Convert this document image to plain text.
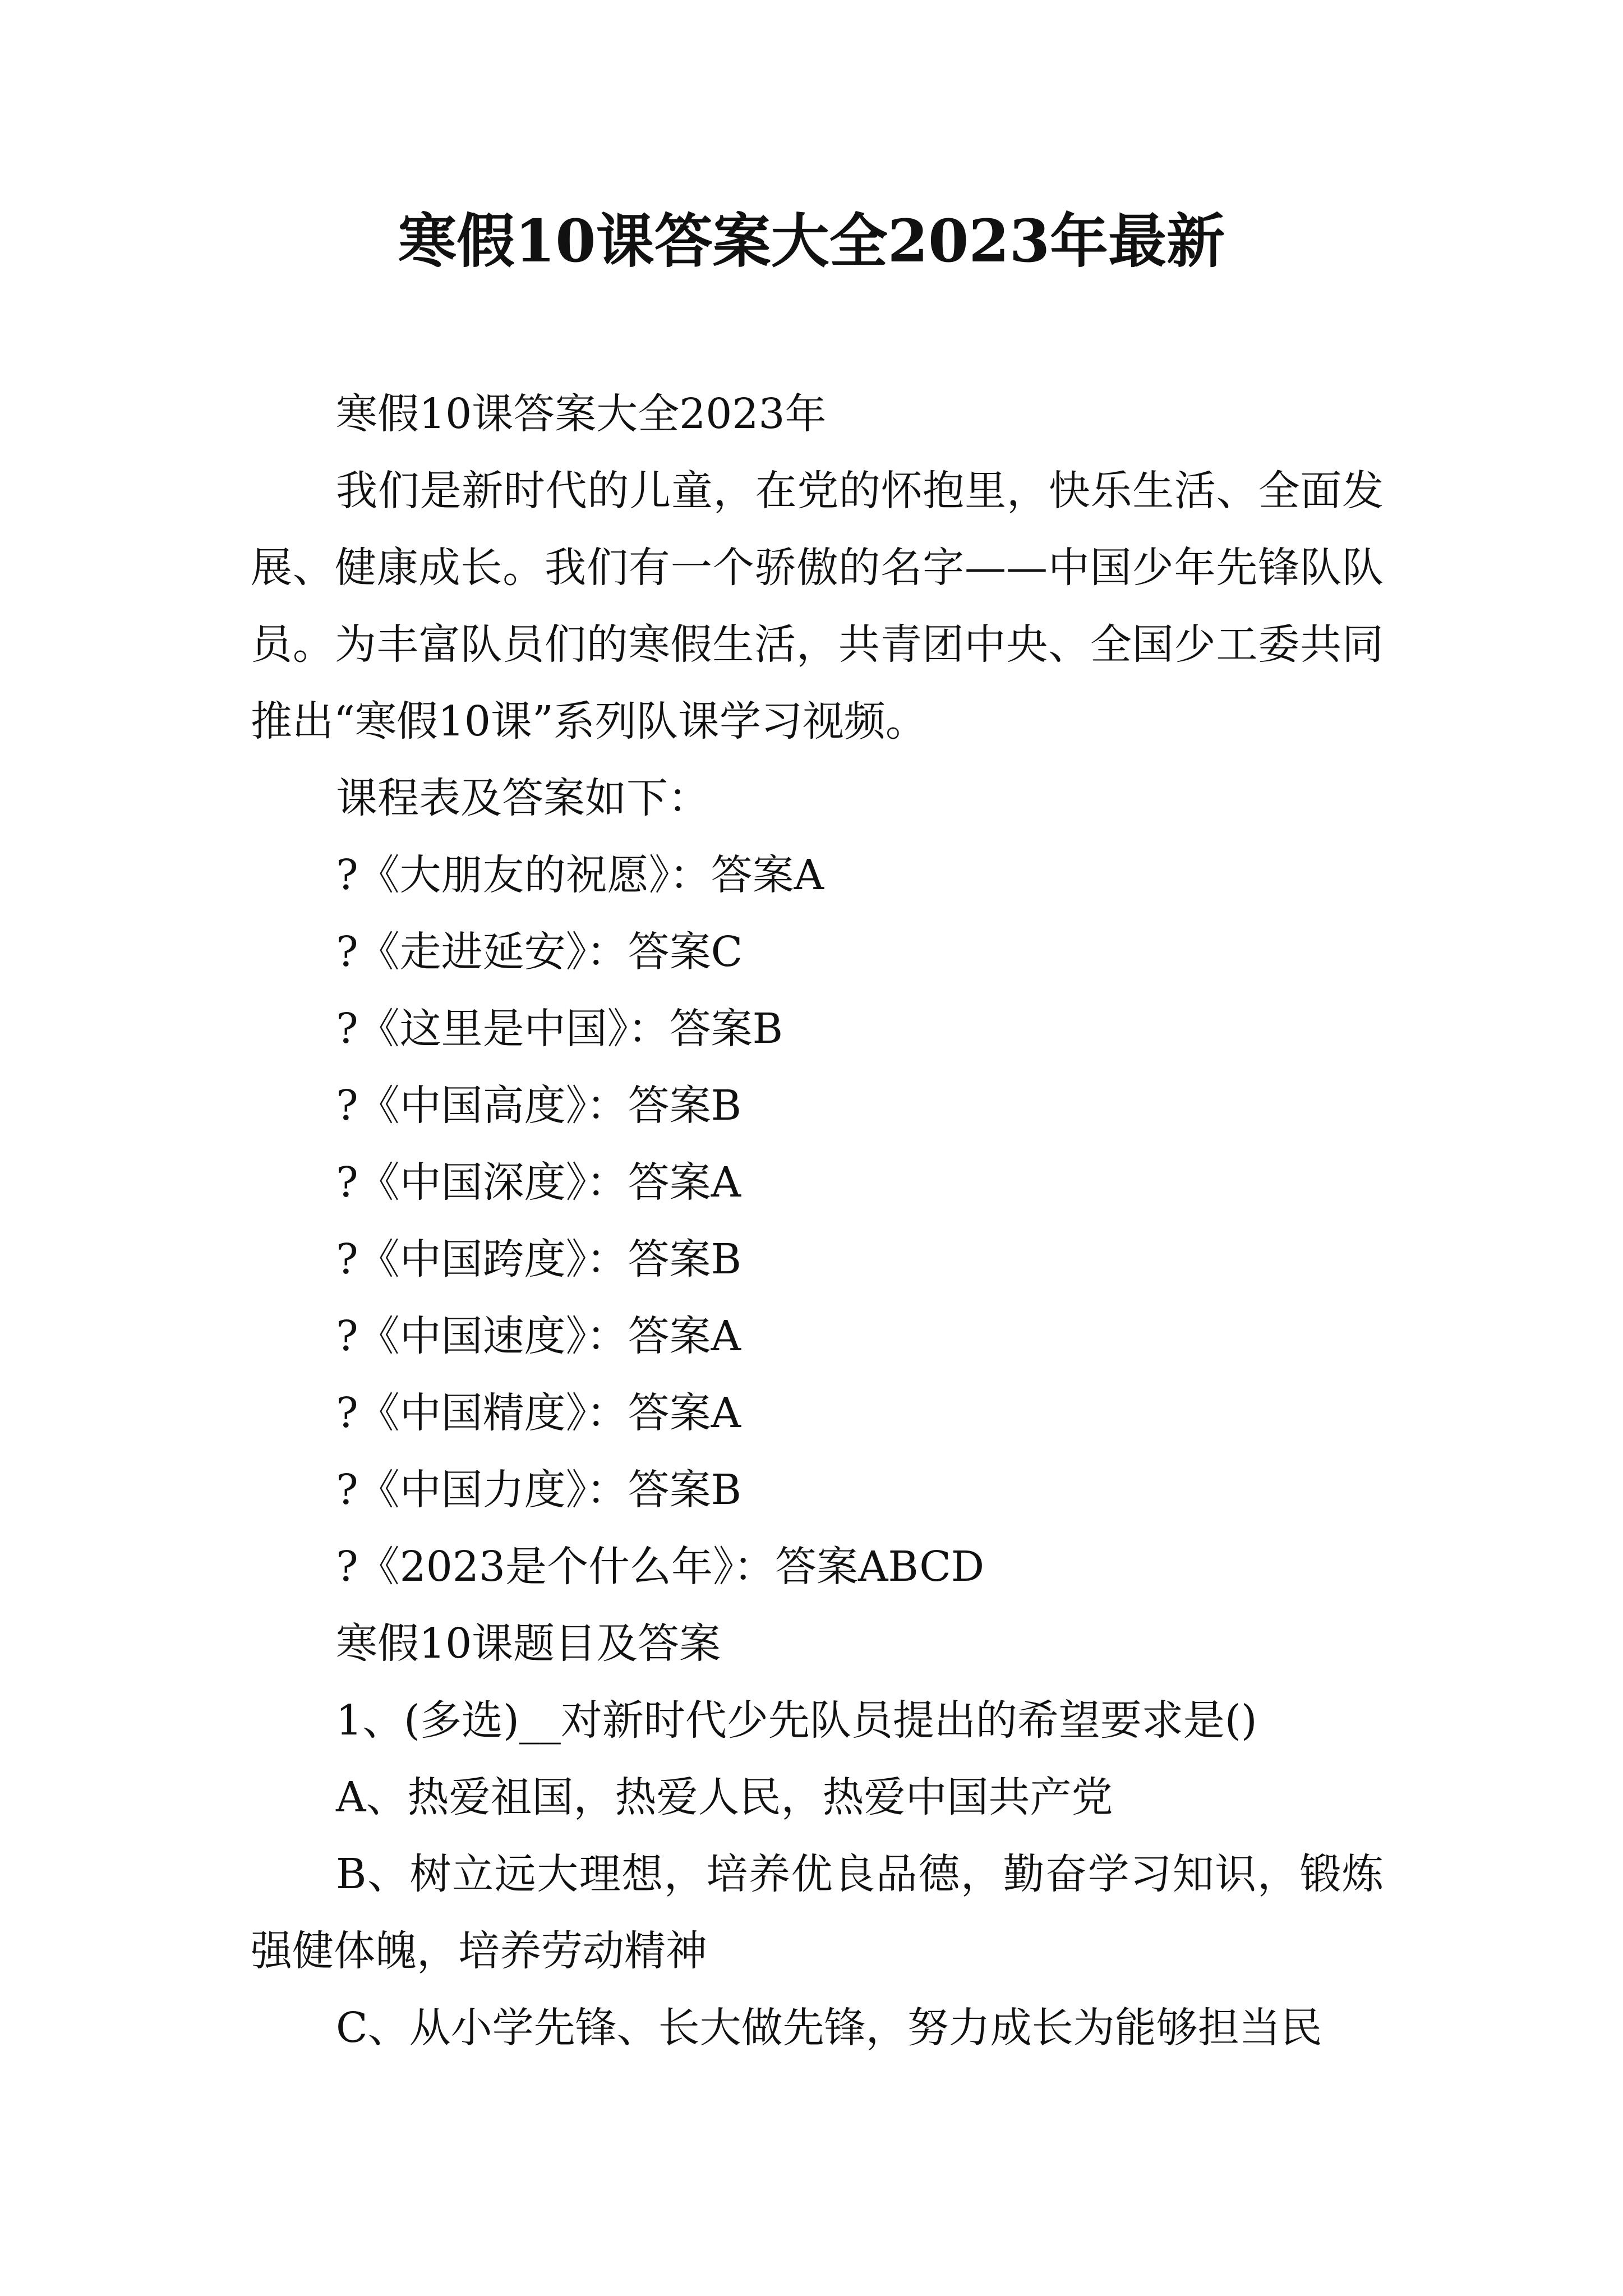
寒假10课答案大全2023年最新

寒假10课答案大全2023年

我们是新时代的儿童，在党的怀抱里，快乐生活、全面发展、健康成长。我们有一个骄傲的名字——中国少年先锋队队员。为丰富队员们的寒假生活，共青团中央、全国少工委共同推出“寒假10课”系列队课学习视频。

课程表及答案如下：

?《大朋友的祝愿》：答案A

?《走进延安》：答案C

?《这里是中国》：答案B

?《中国高度》：答案B

?《中国深度》：答案A

?《中国跨度》：答案B

?《中国速度》：答案A

?《中国精度》：答案A

?《中国力度》：答案B

?《2023是个什么年》：答案ABCD

寒假10课题目及答案

1、(多选)__对新时代少先队员提出的希望要求是()

A、热爱祖国，热爱人民，热爱中国共产党

B、树立远大理想，培养优良品德，勤奋学习知识，锻炼强健体魄，培养劳动精神

C、从小学先锋、长大做先锋，努力成长为能够担当民
